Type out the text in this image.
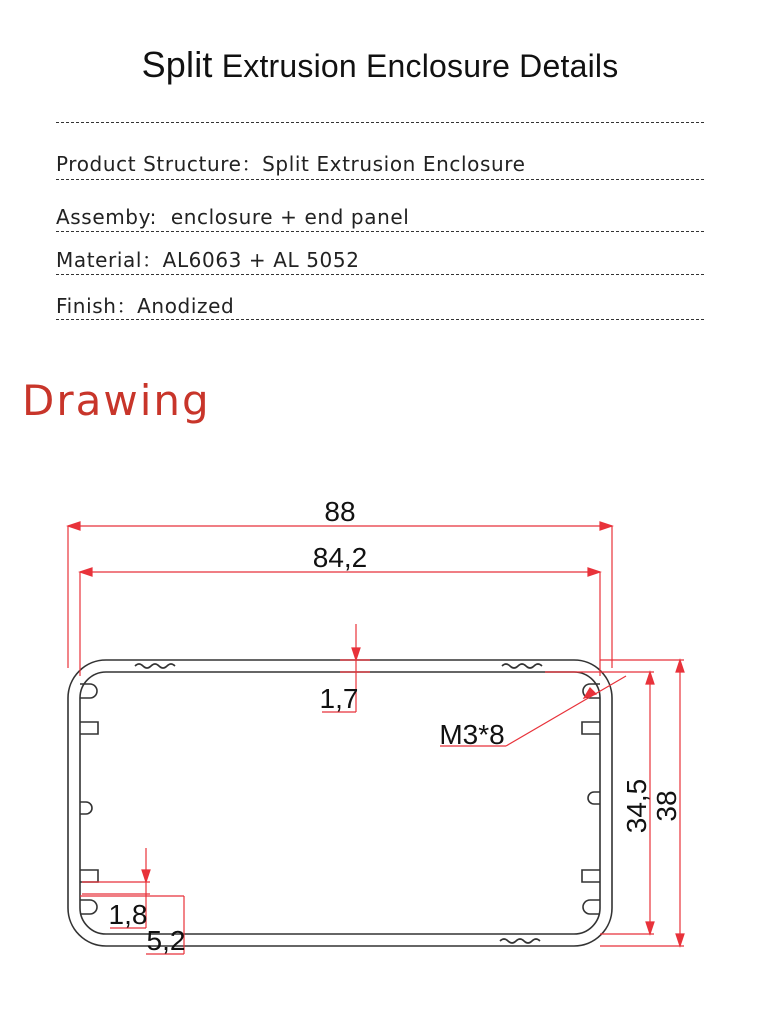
Split Extrusion Enclosure Details
Product Structure：Split Extrusion Enclosure
Assemby: enclosure + end panel
Material：AL6063 + AL 5052
Finish：Anodized
Drawing
88
84,2
1,7
M3*8
1,8
5,2
34,5 38
